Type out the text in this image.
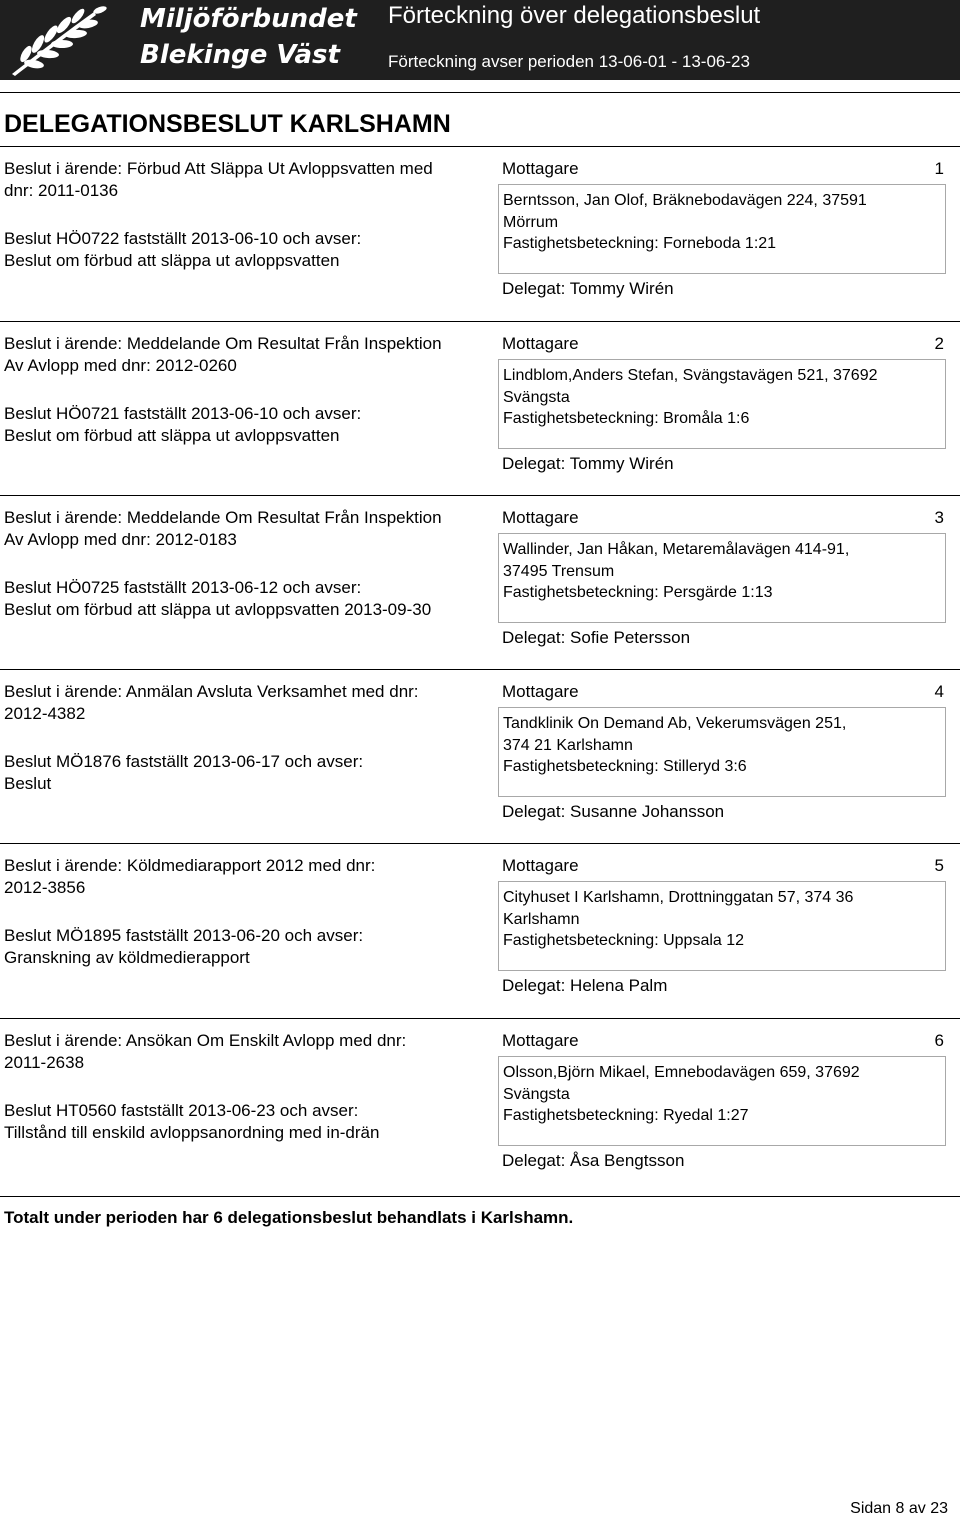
Miljöförbundet
Blekinge Väst
Förteckning över delegationsbeslut
Förteckning avser perioden 13-06-01 - 13-06-23
DELEGATIONSBESLUT KARLSHAMN
Beslut i ärende: Förbud Att Släppa Ut Avloppsvatten med
dnr: 2011-0136
Beslut HÖ0722 fastställt 2013-06-10 och avser:
Beslut om förbud att släppa ut avloppsvatten
Mottagare	1
Berntsson, Jan Olof, Bräknebodavägen 224, 37591
Mörrum
Fastighetsbeteckning: Forneboda 1:21
Delegat: Tommy Wirén
Beslut i ärende: Meddelande Om Resultat Från Inspektion
Av Avlopp med dnr: 2012-0260
Beslut HÖ0721 fastställt 2013-06-10 och avser:
Beslut om förbud att släppa ut avloppsvatten
Mottagare	2
Lindblom,Anders Stefan, Svängstavägen 521, 37692
Svängsta
Fastighetsbeteckning: Bromåla 1:6
Delegat: Tommy Wirén
Beslut i ärende: Meddelande Om Resultat Från Inspektion
Av Avlopp med dnr: 2012-0183
Beslut HÖ0725 fastställt 2013-06-12 och avser:
Beslut om förbud att släppa ut avloppsvatten 2013-09-30
Mottagare	3
Wallinder, Jan Håkan, Metaremålavägen 414-91,
37495 Trensum
Fastighetsbeteckning: Persgärde 1:13
Delegat: Sofie Petersson
Beslut i ärende: Anmälan Avsluta Verksamhet med dnr:
2012-4382
Beslut MÖ1876 fastställt 2013-06-17 och avser:
Beslut
Mottagare	4
Tandklinik On Demand Ab, Vekerumsvägen 251,
374 21 Karlshamn
Fastighetsbeteckning: Stilleryd 3:6
Delegat: Susanne Johansson
Beslut i ärende: Köldmediarapport 2012 med dnr:
2012-3856
Beslut MÖ1895 fastställt 2013-06-20 och avser:
Granskning av köldmedierapport
Mottagare	5
Cityhuset I Karlshamn, Drottninggatan 57, 374 36
Karlshamn
Fastighetsbeteckning: Uppsala 12
Delegat: Helena Palm
Beslut i ärende: Ansökan Om Enskilt Avlopp med dnr:
2011-2638
Beslut HT0560 fastställt 2013-06-23 och avser:
Tillstånd till enskild avloppsanordning med in-drän
Mottagare	6
Olsson,Björn Mikael, Emnebodavägen 659, 37692
Svängsta
Fastighetsbeteckning: Ryedal 1:27
Delegat: Åsa Bengtsson
Totalt under perioden har 6 delegationsbeslut behandlats i Karlshamn.
Sidan 8 av 23
